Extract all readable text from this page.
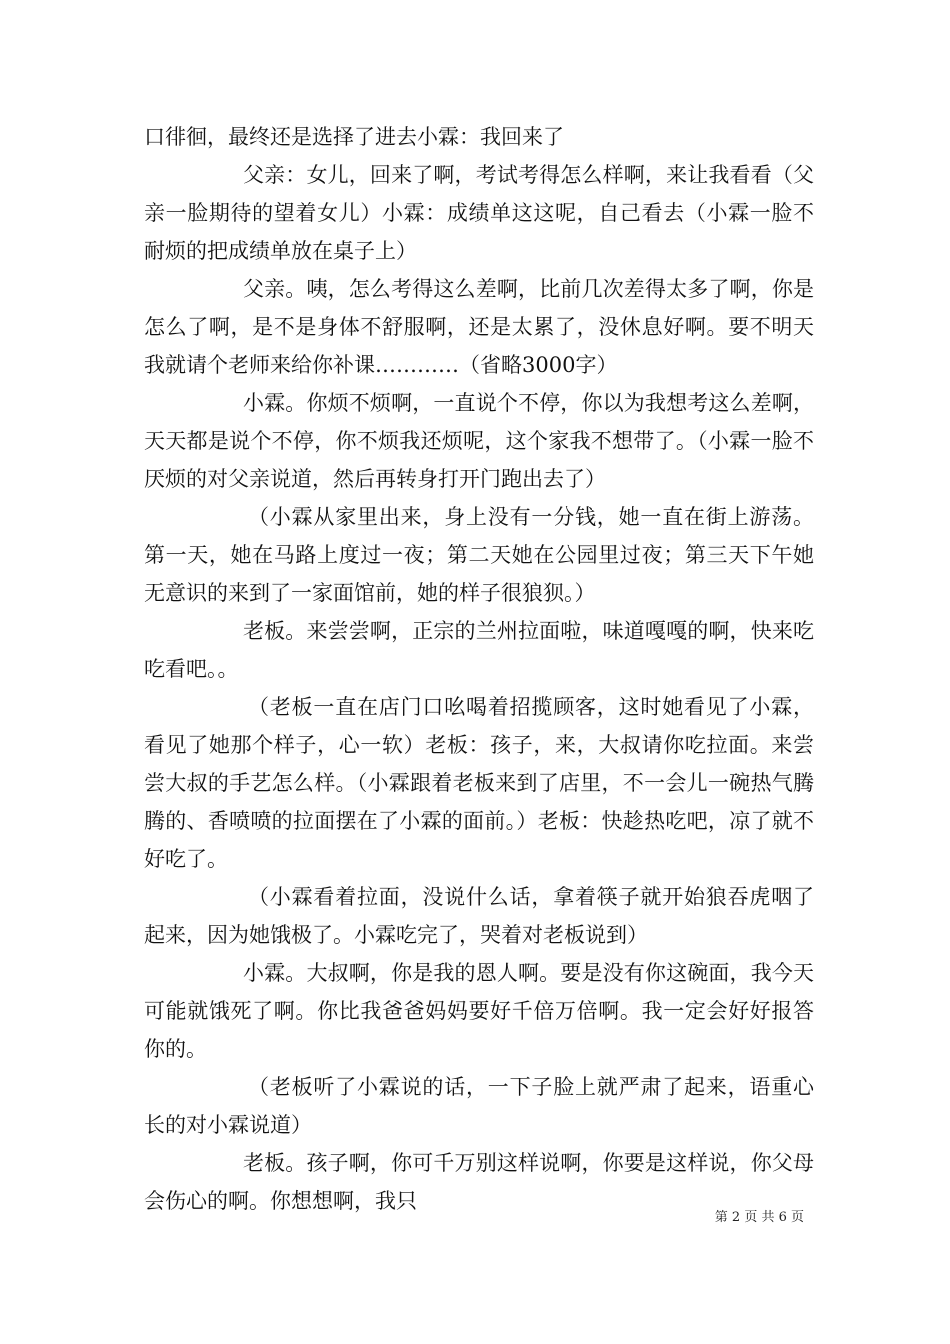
口徘徊，最终还是选择了进去小霖：我回来了

父亲：女儿，回来了啊，考试考得怎么样啊，来让我看看（父亲一脸期待的望着女儿）小霖：成绩单这这呢，自己看去（小霖一脸不耐烦的把成绩单放在桌子上）

父亲。咦，怎么考得这么差啊，比前几次差得太多了啊，你是怎么了啊，是不是身体不舒服啊，还是太累了，没休息好啊。要不明天我就请个老师来给你补课…………（省略3000字）

小霖。你烦不烦啊，一直说个不停，你以为我想考这么差啊，天天都是说个不停，你不烦我还烦呢，这个家我不想带了。（小霖一脸不厌烦的对父亲说道，然后再转身打开门跑出去了）

（小霖从家里出来，身上没有一分钱，她一直在街上游荡。第一天，她在马路上度过一夜；第二天她在公园里过夜；第三天下午她无意识的来到了一家面馆前，她的样子很狼狈。）

老板。来尝尝啊，正宗的兰州拉面啦，味道嘎嘎的啊，快来吃吃看吧。。

（老板一直在店门口吆喝着招揽顾客，这时她看见了小霖，看见了她那个样子，心一软）老板：孩子，来，大叔请你吃拉面。来尝尝大叔的手艺怎么样。（小霖跟着老板来到了店里，不一会儿一碗热气腾腾的、香喷喷的拉面摆在了小霖的面前。）老板：快趁热吃吧，凉了就不好吃了。

（小霖看着拉面，没说什么话，拿着筷子就开始狼吞虎咽了起来，因为她饿极了。小霖吃完了，哭着对老板说到）

小霖。大叔啊，你是我的恩人啊。要是没有你这碗面，我今天可能就饿死了啊。你比我爸爸妈妈要好千倍万倍啊。我一定会好好报答你的。

（老板听了小霖说的话，一下子脸上就严肃了起来，语重心长的对小霖说道）

老板。孩子啊，你可千万别这样说啊，你要是这样说，你父母会伤心的啊。你想想啊，我只

第 2 页 共 6 页
